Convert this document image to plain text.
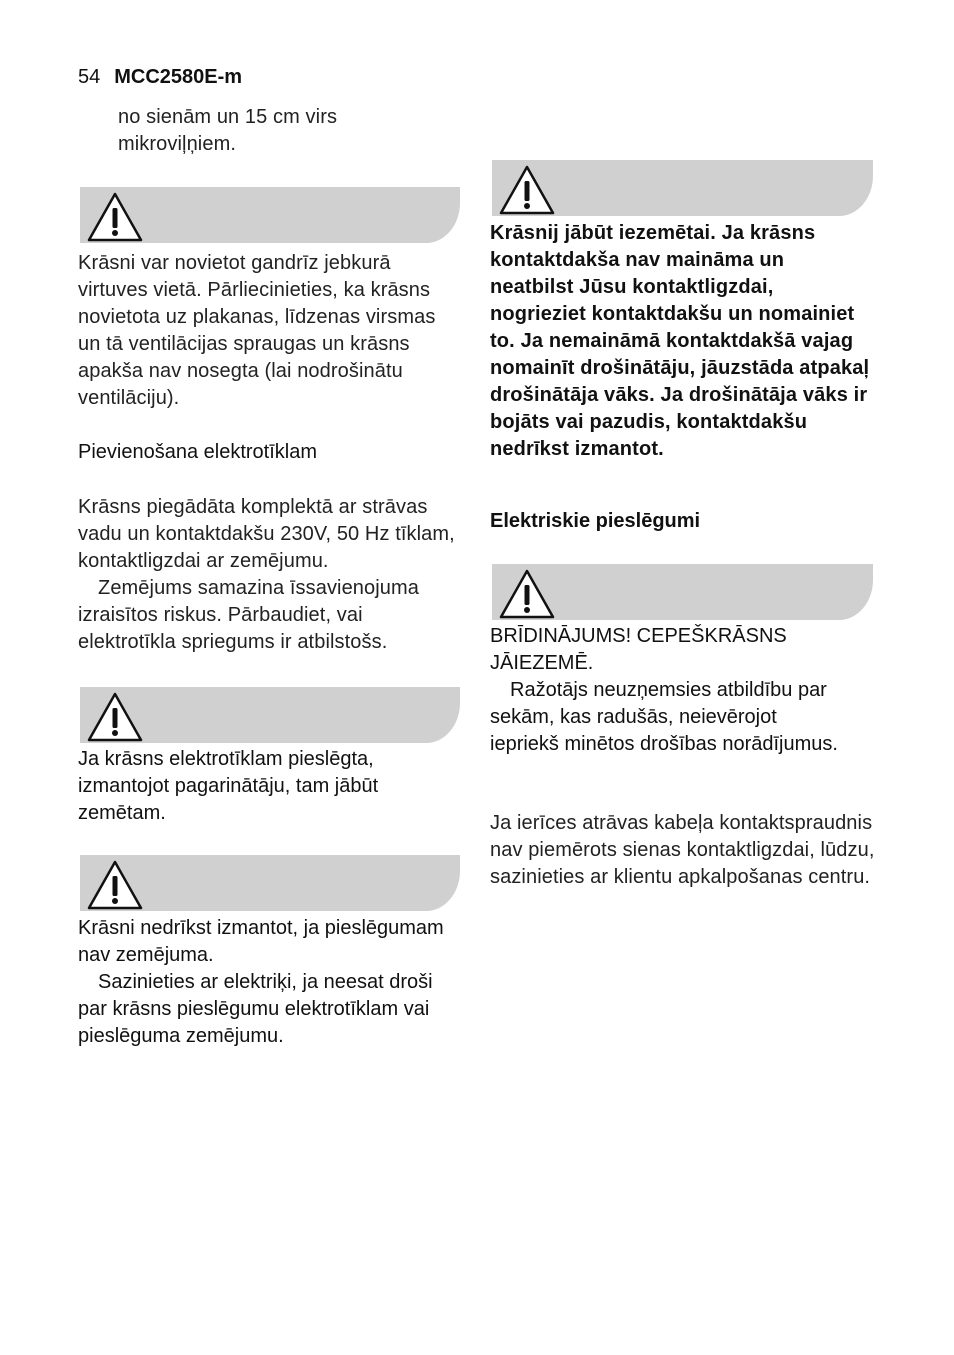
54 MCC2580E-m
no sienām un 15 cm virs
mikroviļņiem.

Krāsni var novietot gandrīz jebkurā virtuves vietā. Pārliecinieties, ka krāsns novietota uz plakanas, līdzenas virsmas un tā ventilācijas spraugas un krāsns apakša nav nosegta (lai nodrošinātu ventilāciju).

Pievienošana elektrotīklam

Krāsns piegādāta komplektā ar strāvas vadu un kontaktdakšu 230V, 50 Hz tīklam, kontaktligzdai ar zemējumu.
Zemējums samazina īssavienojuma izraisītos riskus. Pārbaudiet, vai elektrotīkla spriegums ir atbilstošs.

Ja krāsns elektrotīklam pieslēgta, izmantojot pagarinātāju, tam jābūt zemētam.

Krāsni nedrīkst izmantot, ja pieslēgumam nav zemējuma.
Sazinieties ar elektriķi, ja neesat droši par krāsns pieslēgumu elektrotīklam vai pieslēguma zemējumu.

Krāsnij jābūt iezemētai. Ja krāsns kontaktdakša nav maināma un neatbilst Jūsu kontaktligzdai, nogrieziet kontaktdakšu un nomainiet to. Ja nemaināmā kontaktdakšā vajag nomainīt drošinātāju, jāuzstāda atpakaļ drošinātāja vāks. Ja drošinātāja vāks ir bojāts vai pazudis, kontaktdakšu nedrīkst izmantot.

Elektriskie pieslēgumi

BRĪDINĀJUMS! CEPEŠKRĀSNS JĀIEZEMĒ.
Ražotājs neuzņemsies atbildību par sekām, kas radušās, neievērojot iepriekš minētos drošības norādījumus.

Ja ierīces atrāvas kabeļa kontaktspraudnis nav piemērots sienas kontaktligzdai, lūdzu, sazinieties ar klientu apkalpošanas centru.
